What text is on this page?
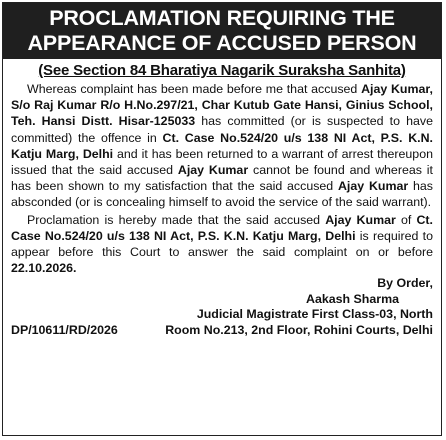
PROCLAMATION REQUIRING THE
APPEARANCE OF ACCUSED PERSON
(See Section 84 Bharatiya Nagarik Suraksha Sanhita)

Whereas complaint has been made before me that accused Ajay Kumar, S/o Raj Kumar R/o H.No.297/21, Char Kutub Gate Hansi, Ginius School, Teh. Hansi Distt. Hisar-125033 has committed (or is suspected to have committed) the offence in Ct. Case No.524/20 u/s 138 NI Act, P.S. K.N. Katju Marg, Delhi and it has been returned to a warrant of arrest thereupon issued that the said accused Ajay Kumar cannot be found and whereas it has been shown to my satisfaction that the said accused Ajay Kumar has absconded (or is concealing himself to avoid the service of the said warrant).

Proclamation is hereby made that the said accused Ajay Kumar of Ct. Case No.524/20 u/s 138 NI Act, P.S. K.N. Katju Marg, Delhi is required to appear before this Court to answer the said complaint on or before 22.10.2026.

By Order,
Aakash Sharma
Judicial Magistrate First Class-03, North
DP/10611/RD/2026	Room No.213, 2nd Floor, Rohini Courts, Delhi
